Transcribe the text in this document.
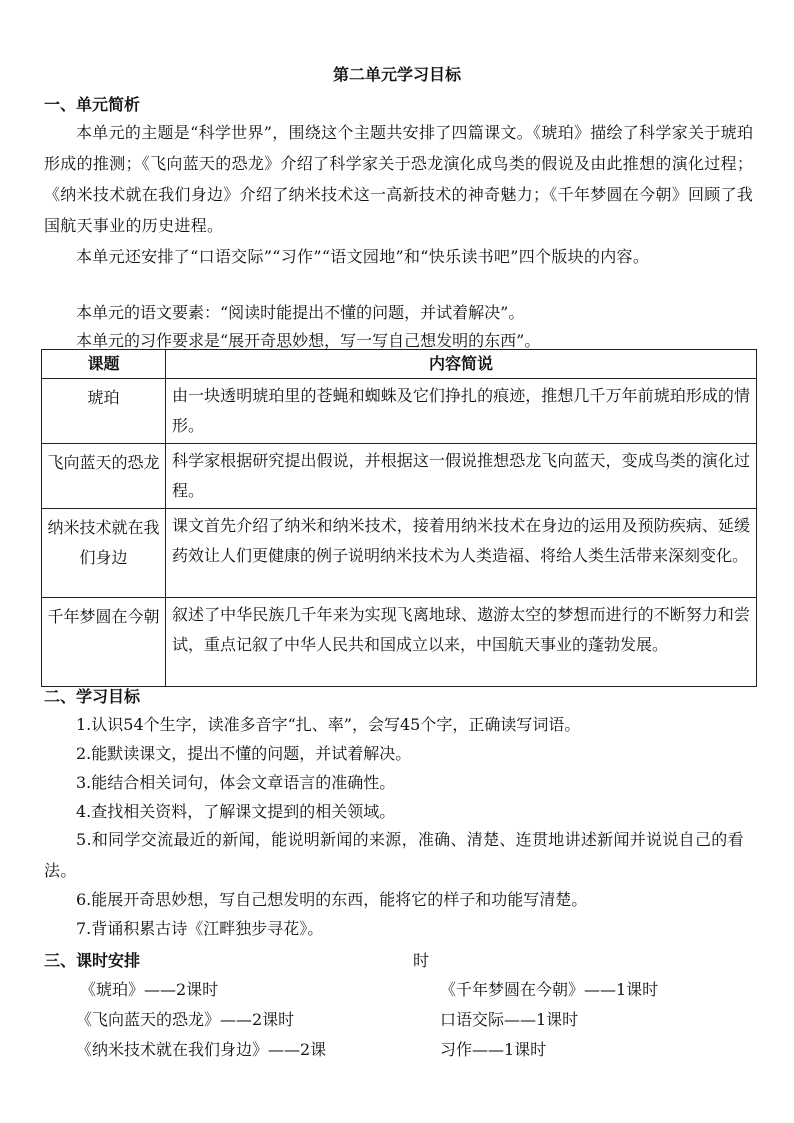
第二单元学习目标
一、单元简析
本单元的主题是“科学世界”，围绕这个主题共安排了四篇课文。《琥珀》描绘了科学家关于琥珀形成的推测；《飞向蓝天的恐龙》介绍了科学家关于恐龙演化成鸟类的假说及由此推想的演化过程；《纳米技术就在我们身边》介绍了纳米技术这一高新技术的神奇魅力；《千年梦圆在今朝》回顾了我国航天事业的历史进程。
本单元还安排了“口语交际”“习作”“语文园地”和“快乐读书吧”四个版块的内容。
本单元的语文要素：“阅读时能提出不懂的问题，并试着解决”。
本单元的习作要求是“展开奇思妙想，写一写自己想发明的东西”。
课题	内容简说
琥珀	由一块透明琥珀里的苍蝇和蜘蛛及它们挣扎的痕迹，推想几千万年前琥珀形成的情形。
飞向蓝天的恐龙	科学家根据研究提出假说，并根据这一假说推想恐龙飞向蓝天，变成鸟类的演化过程。
纳米技术就在我们身边	课文首先介绍了纳米和纳米技术，接着用纳米技术在身边的运用及预防疾病、延缓药效让人们更健康的例子说明纳米技术为人类造福、将给人类生活带来深刻变化。
千年梦圆在今朝	叙述了中华民族几千年来为实现飞离地球、遨游太空的梦想而进行的不断努力和尝试，重点记叙了中华人民共和国成立以来，中国航天事业的蓬勃发展。
二、学习目标
1.认识54个生字，读准多音字“扎、率”，会写45个字，正确读写词语。
2.能默读课文，提出不懂的问题，并试着解决。
3.能结合相关词句，体会文章语言的准确性。
4.查找相关资料，了解课文提到的相关领域。
5.和同学交流最近的新闻，能说明新闻的来源，准确、清楚、连贯地讲述新闻并说说自己的看法。
6.能展开奇思妙想，写自己想发明的东西，能将它的样子和功能写清楚。
7.背诵积累古诗《江畔独步寻花》。
三、课时安排	时
《琥珀》——2课时
《飞向蓝天的恐龙》——2课时
《纳米技术就在我们身边》——2课
《千年梦圆在今朝》——1课时
口语交际——1课时
习作——1课时
